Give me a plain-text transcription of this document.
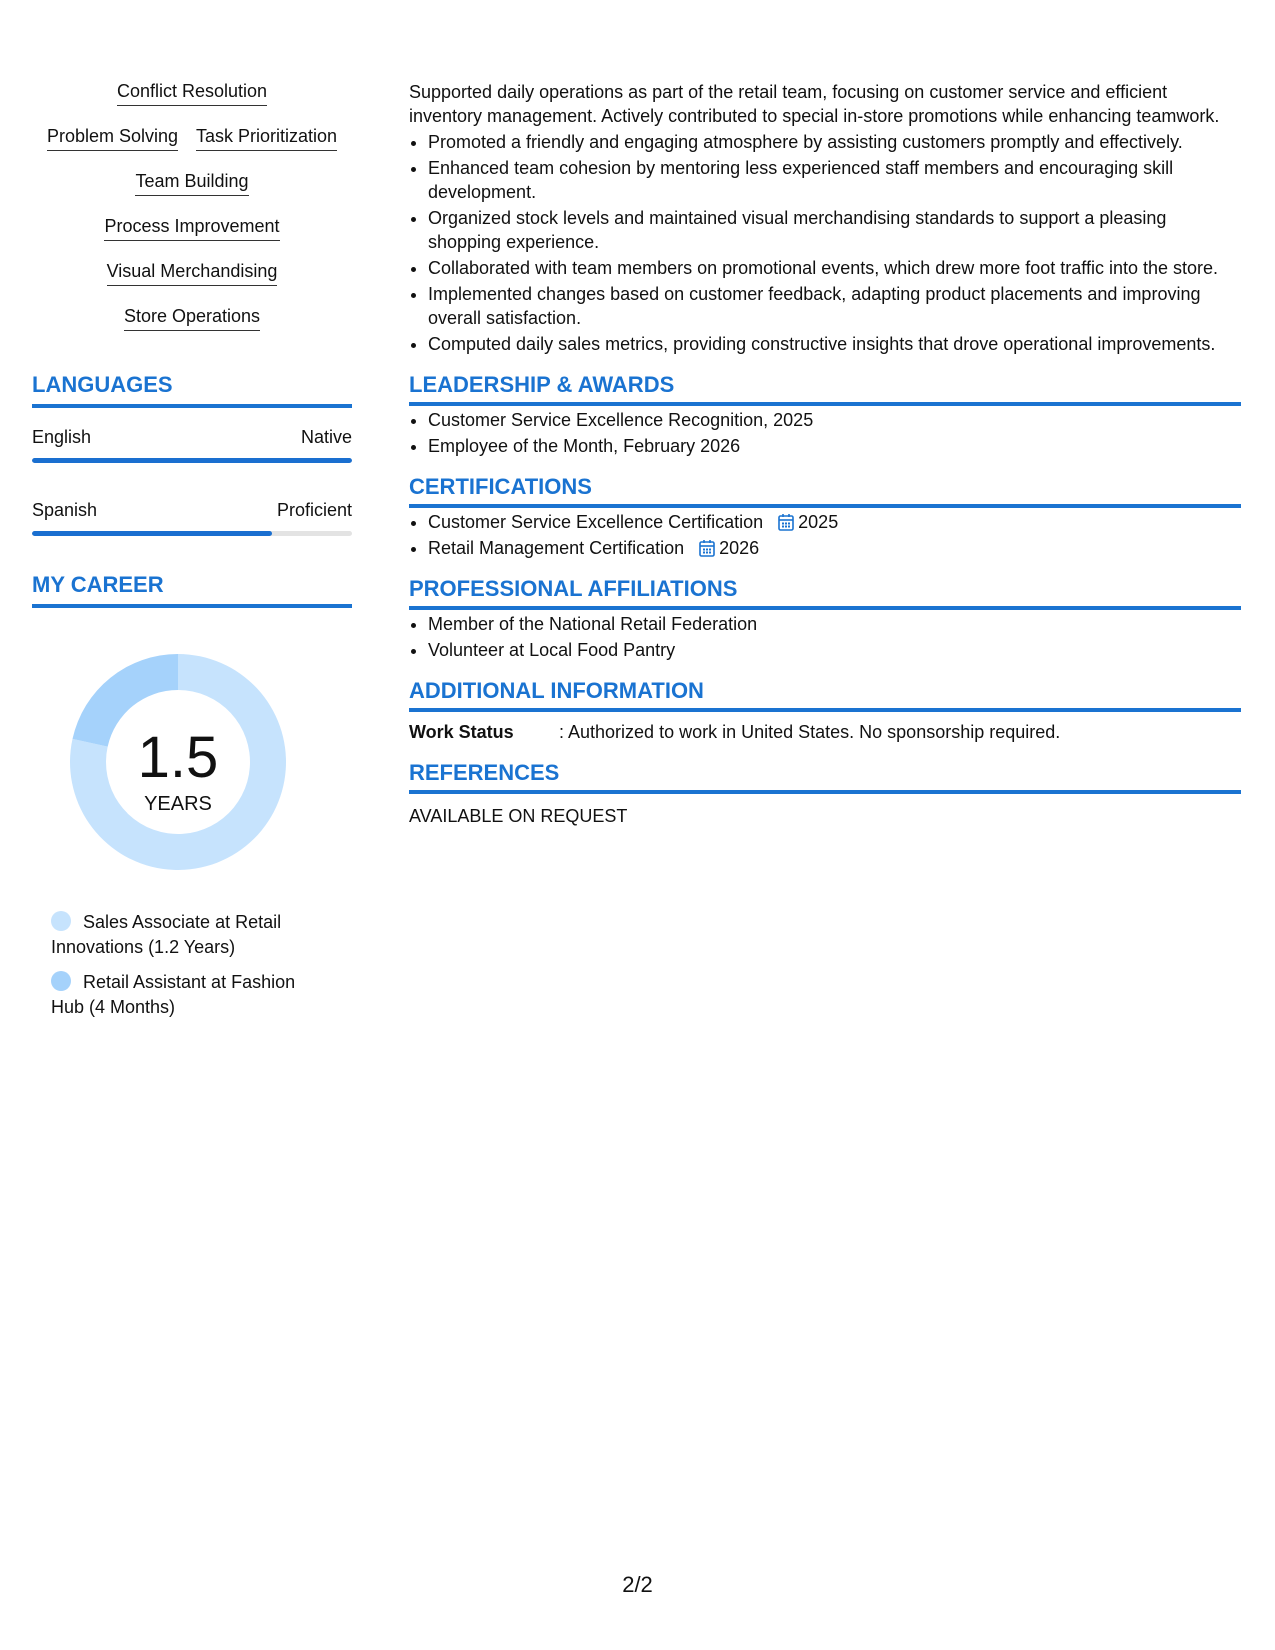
Conflict Resolution
Problem Solving Task Prioritization
Team Building
Process Improvement
Visual Merchandising
Store Operations
LANGUAGES
English	Native
Spanish	Proficient
MY CAREER
1.5
YEARS
Sales Associate at Retail Innovations (1.2 Years)
Retail Assistant at Fashion Hub (4 Months)

Supported daily operations as part of the retail team, focusing on customer service and efficient inventory management. Actively contributed to special in-store promotions while enhancing teamwork.

• Promoted a friendly and engaging atmosphere by assisting customers promptly and effectively.
• Enhanced team cohesion by mentoring less experienced staff members and encouraging skill development.
• Organized stock levels and maintained visual merchandising standards to support a pleasing shopping experience.
• Collaborated with team members on promotional events, which drew more foot traffic into the store.
• Implemented changes based on customer feedback, adapting product placements and improving overall satisfaction.
• Computed daily sales metrics, providing constructive insights that drove operational improvements.
LEADERSHIP & AWARDS
• Customer Service Excellence Recognition, 2025
• Employee of the Month, February 2026
CERTIFICATIONS
• Customer Service Excellence Certification 2025
• Retail Management Certification 2026
PROFESSIONAL AFFILIATIONS
• Member of the National Retail Federation
• Volunteer at Local Food Pantry
ADDITIONAL INFORMATION
Work Status	: Authorized to work in United States. No sponsorship required.
REFERENCES
AVAILABLE ON REQUEST
2/2
